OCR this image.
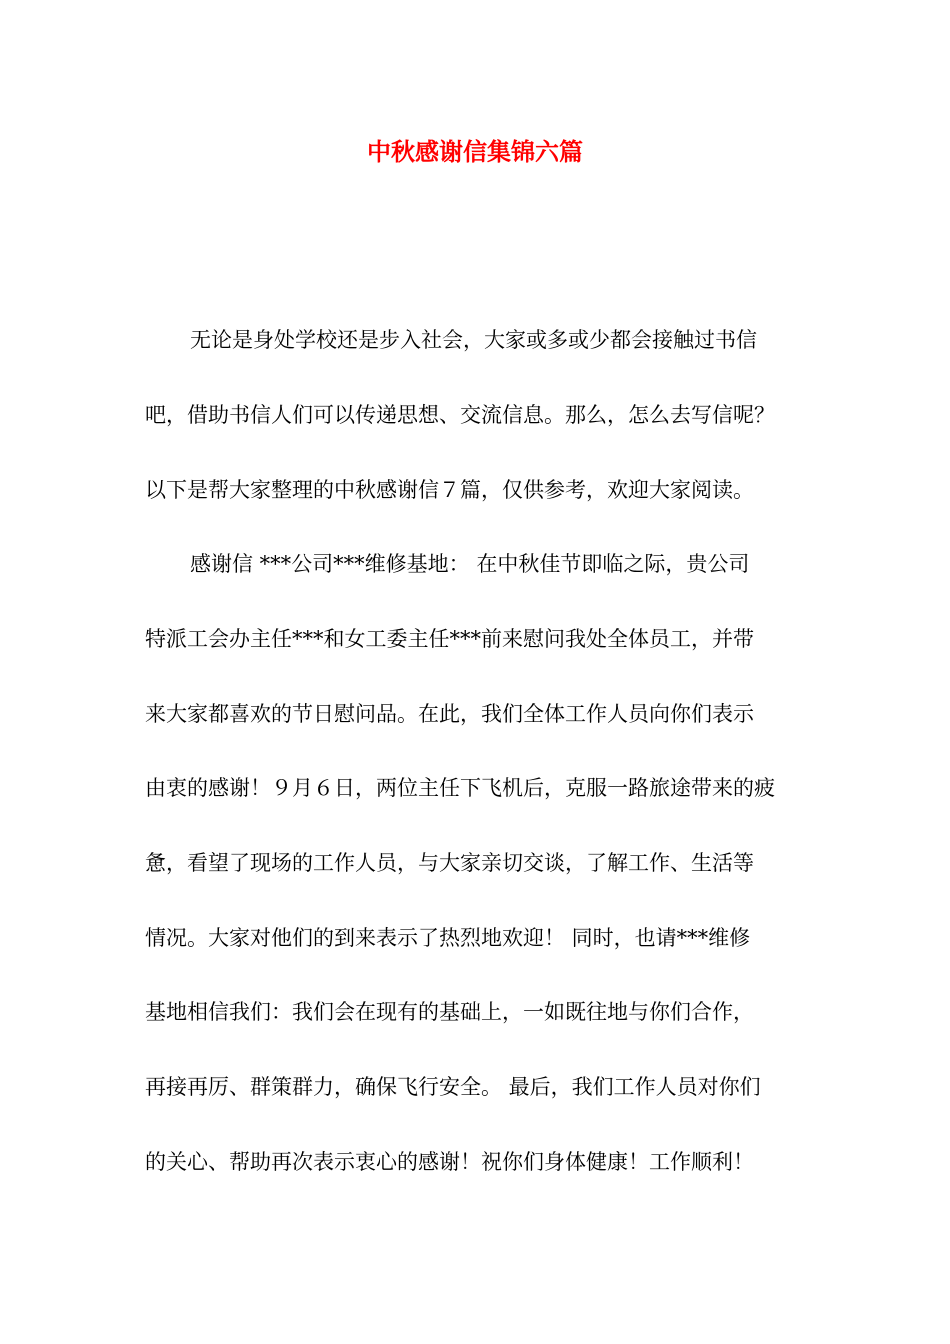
中秋感谢信集锦六篇
无论是身处学校还是步入社会，大家或多或少都会接触过书信
吧，借助书信人们可以传递思想、交流信息。那么，怎么去写信呢？
以下是帮大家整理的中秋感谢信７篇，仅供参考，欢迎大家阅读。
感谢信 ***公司***维修基地： 在中秋佳节即临之际，贵公司
特派工会办主任***和女工委主任***前来慰问我处全体员工，并带
来大家都喜欢的节日慰问品。在此，我们全体工作人员向你们表示
由衷的感谢！９月６日，两位主任下飞机后，克服一路旅途带来的疲
惫，看望了现场的工作人员，与大家亲切交谈，了解工作、生活等
情况。大家对他们的到来表示了热烈地欢迎！ 同时，也请***维修
基地相信我们：我们会在现有的基础上，一如既往地与你们合作，
再接再厉、群策群力，确保飞行安全。 最后，我们工作人员对你们
的关心、帮助再次表示衷心的感谢！祝你们身体健康！工作顺利！
